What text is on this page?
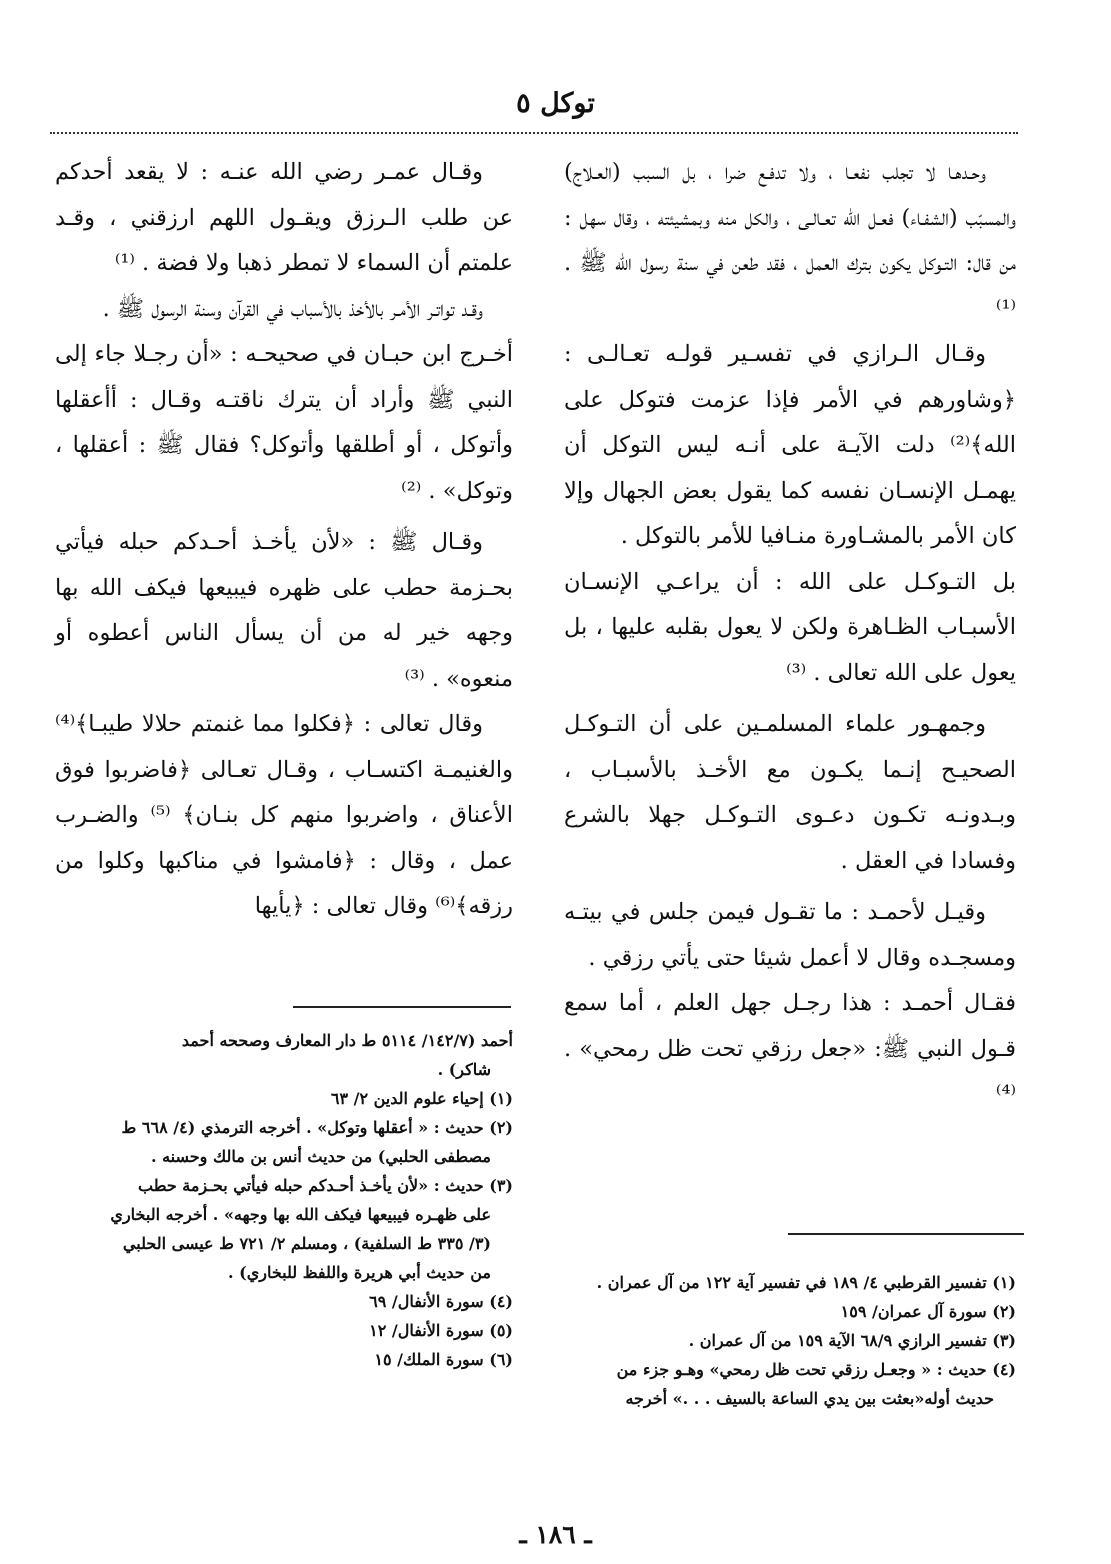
توكل ٥

وحـدهـا لا تجلب نفعـا ، ولا تدفـع ضرا ، بل السبب (العـلاج) والمسبّب (الشفـاء) فعـل الله تعـالـى ، والكل منه وبمشيئته ، وقال سهل : من قال: التـوكل يكون بترك العمل ، فقد طعن في سنة رسول الله ﷺ . ⁽¹⁾

وقـال الـرازي في تفسـير قولـه تعـالـى : ﴿وشاورهم في الأمر فإذا عزمت فتوكل على الله﴾⁽²⁾ دلت الآيـة على أنـه ليس التوكل أن يهمـل الإنسـان نفسه كما يقول بعض الجهال وإلا كان الأمر بالمشـاورة منـافيا للأمر بالتوكل .

بل التـوكـل على الله : أن يراعـي الإنسـان الأسبـاب الظـاهرة ولكن لا يعول بقلبه عليها ، بل يعول على الله تعالى . ⁽³⁾

وجمهـور علماء المسلمـين على أن التـوكـل الصحيـح إنـما يكـون مع الأخـذ بالأسبـاب ، وبـدونـه تكـون دعـوى التـوكـل جهلا بالشرع وفسادا في العقل .

وقيـل لأحمـد : ما تقـول فيمن جلس في بيتـه ومسجـده وقال لا أعمل شيئا حتى يأتي رزقي .

فقـال أحمـد : هذا رجـل جهل العلم ، أما سمع قـول النبي ﷺ: «جعل رزقي تحت ظل رمحي» . ⁽⁴⁾

وقـال عمـر رضي الله عنـه : لا يقعد أحدكم عن طلب الـرزق ويقـول اللهم ارزقني ، وقـد علمتم أن السماء لا تمطر ذهبا ولا فضة . ⁽¹⁾

وقـد تواتـر الأمـر بالأخذ بالأسباب في القرآن وسنة الرسول ﷺ .

أخـرج ابن حبـان في صحيحـه : «أن رجـلا جاء إلى النبي ﷺ وأراد أن يترك ناقتـه وقـال : أأعقلها وأتوكل ، أو أطلقها وأتوكل؟ فقال ﷺ : أعقلها ، وتوكل» . ⁽²⁾

وقـال ﷺ : «لأن يأخـذ أحـدكم حبله فيأتي بحـزمة حطب على ظهره فيبيعها فيكف الله بها وجهه خير له من أن يسأل الناس أعطوه أو منعوه» . ⁽³⁾

وقال تعالى : ﴿فكلوا مما غنمتم حلالا طيبـا﴾⁽⁴⁾ والغنيمـة اكتسـاب ، وقـال تعـالى ﴿فاضربوا فوق الأعناق ، واضربوا منهم كل بنـان﴾ ⁽⁵⁾ والضـرب عمل ، وقال : ﴿فامشوا في مناكبها وكلوا من رزقه﴾⁽⁶⁾ وقال تعالى : ﴿يأيها

(١) تفسير القرطبي ٤/ ١٨٩ في تفسير آية ١٢٢ من آل عمران .
(٢) سورة آل عمران/ ١٥٩
(٣) تفسير الرازي ٦٨/٩ الآية ١٥٩ من آل عمران .
(٤) حديث : « وجعـل رزقي تحت ظل رمحي» وهـو جزء من
حديث أوله«بعثت بين يدي الساعة بالسيف . . .» أخرجه
أحمد (١٤٢/٧/ ٥١١٤ ط دار المعارف وصححه أحمد
شاكر) .
(١) إحياء علوم الدين ٢/ ٦٣
(٢) حديث : « أعقلها وتوكل» . أخرجه الترمذي (٤/ ٦٦٨ ط
مصطفى الحلبي) من حديث أنس بن مالك وحسنه .
(٣) حديث : «لأن يأخـذ أحـدكم حبله فيأتي بحـزمة حطب
على ظهـره فيبيعها فيكف الله بها وجهه» . أخرجه البخاري
(٣/ ٣٣٥ ط السلفية) ، ومسلم ٢/ ٧٢١ ط عيسى الحلبي
من حديث أبي هريرة واللفظ للبخاري) .
(٤) سورة الأنفال/ ٦٩
(٥) سورة الأنفال/ ١٢
(٦) سورة الملك/ ١٥
ـ ١٨٦ ـ
